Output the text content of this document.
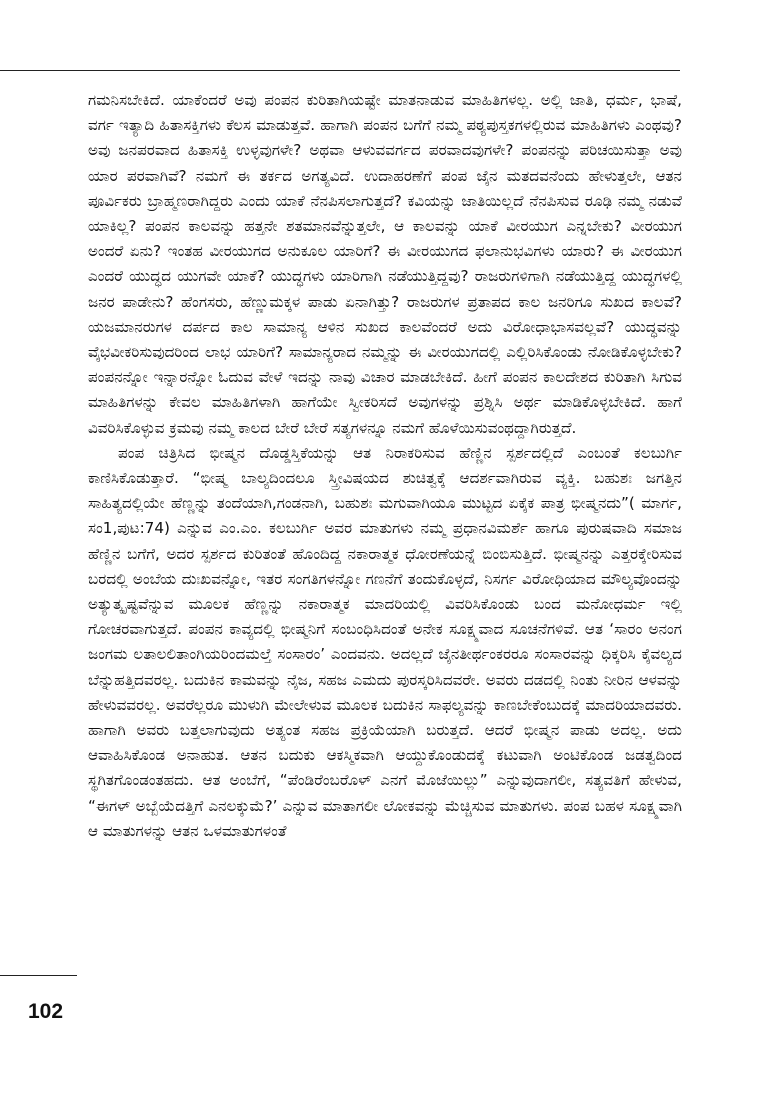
ಗಮನಿಸಬೇಕಿದೆ. ಯಾಕೆಂದರೆ ಅವು ಪಂಪನ ಕುರಿತಾಗಿಯಷ್ಟೇ ಮಾತನಾಡುವ ಮಾಹಿತಿಗಳಲ್ಲ. ಅಲ್ಲಿ ಜಾತಿ, ಧರ್ಮ, ಭಾಷೆ, ವರ್ಗ ಇತ್ಯಾದಿ ಹಿತಾಸಕ್ತಿಗಳು ಕೆಲಸ ಮಾಡುತ್ತವೆ. ಹಾಗಾಗಿ ಪಂಪನ ಬಗೆಗೆ ನಮ್ಮ ಪಠ್ಯಪುಸ್ತಕಗಳಲ್ಲಿರುವ ಮಾಹಿತಿಗಳು ಎಂಥವು? ಅವು ಜನಪರವಾದ ಹಿತಾಸಕ್ತಿ ಉಳ್ಳವುಗಳೇ? ಅಥವಾ ಆಳುವವರ್ಗದ ಪರವಾದವುಗಳೇ? ಪಂಪನನ್ನು ಪರಿಚಯಿಸುತ್ತಾ ಅವು ಯಾರ ಪರವಾಗಿವೆ? ನಮಗೆ ಈ ತರ್ಕದ ಅಗತ್ಯವಿದೆ. ಉದಾಹರಣೆಗೆ ಪಂಪ ಜೈನ ಮತದವನೆಂದು ಹೇಳುತ್ತಲೇ, ಆತನ ಪೂರ್ವಿಕರು ಬ್ರಾಹ್ಮಣರಾಗಿದ್ದರು ಎಂದು ಯಾಕೆ ನೆನಪಿಸಲಾಗುತ್ತದೆ? ಕವಿಯನ್ನು ಜಾತಿಯಿಲ್ಲದೆ ನೆನಪಿಸುವ ರೂಢಿ ನಮ್ಮ ನಡುವೆ ಯಾಕಿಲ್ಲ? ಪಂಪನ ಕಾಲವನ್ನು ಹತ್ತನೇ ಶತಮಾನವೆನ್ನುತ್ತಲೇ, ಆ ಕಾಲವನ್ನು ಯಾಕೆ ವೀರಯುಗ ಎನ್ನಬೇಕು? ವೀರಯುಗ ಅಂದರೆ ಏನು? ಇಂತಹ ವೀರಯುಗದ ಅನುಕೂಲ ಯಾರಿಗೆ? ಈ ವೀರಯುಗದ ಫಲಾನುಭವಿಗಳು ಯಾರು? ಈ ವೀರಯುಗ ಎಂದರೆ ಯುದ್ಧದ ಯುಗವೇ ಯಾಕೆ? ಯುದ್ಧಗಳು ಯಾರಿಗಾಗಿ ನಡೆಯುತ್ತಿದ್ದವು? ರಾಜರುಗಳಿಗಾಗಿ ನಡೆಯುತ್ತಿದ್ದ ಯುದ್ಧಗಳಲ್ಲಿ ಜನರ ಪಾಡೇನು? ಹೆಂಗಸರು, ಹೆಣ್ಣುಮಕ್ಕಳ ಪಾಡು ಏನಾಗಿತ್ತು? ರಾಜರುಗಳ ಪ್ರತಾಪದ ಕಾಲ ಜನರಿಗೂ ಸುಖದ ಕಾಲವೆ? ಯಜಮಾನರುಗಳ ದರ್ಪದ ಕಾಲ ಸಾಮಾನ್ಯ ಆಳಿನ ಸುಖದ ಕಾಲವೆಂದರೆ ಅದು ವಿರೋಧಾಭಾಸವಲ್ಲವೆ? ಯುದ್ಧವನ್ನು ವೈಭವೀಕರಿಸುವುದರಿಂದ ಲಾಭ ಯಾರಿಗೆ? ಸಾಮಾನ್ಯರಾದ ನಮ್ಮನ್ನು ಈ ವೀರಯುಗದಲ್ಲಿ ಎಲ್ಲಿರಿಸಿಕೊಂಡು ನೋಡಿಕೊಳ್ಳಬೇಕು? ಪಂಪನನ್ನೋ ಇನ್ನಾರನ್ನೋ ಓದುವ ವೇಳೆ ಇದನ್ನು ನಾವು ವಿಚಾರ ಮಾಡಬೇಕಿದೆ. ಹೀಗೆ ಪಂಪನ ಕಾಲದೇಶದ ಕುರಿತಾಗಿ ಸಿಗುವ ಮಾಹಿತಿಗಳನ್ನು ಕೇವಲ ಮಾಹಿತಿಗಳಾಗಿ ಹಾಗೆಯೇ ಸ್ವೀಕರಿಸದೆ ಅವುಗಳನ್ನು ಪ್ರಶ್ನಿಸಿ ಅರ್ಥ ಮಾಡಿಕೊಳ್ಳಬೇಕಿದೆ. ಹಾಗೆ ವಿವರಿಸಿಕೊಳ್ಳುವ ಕ್ರಮವು ನಮ್ಮ ಕಾಲದ ಬೇರೆ ಬೇರೆ ಸತ್ಯಗಳನ್ನೂ ನಮಗೆ ಹೊಳೆಯಿಸುವಂಥದ್ದಾಗಿರುತ್ತದೆ.

ಪಂಪ ಚಿತ್ರಿಸಿದ ಭೀಷ್ಮನ ದೊಡ್ಡಸ್ತಿಕೆಯನ್ನು ಆತ ನಿರಾಕರಿಸುವ ಹೆಣ್ಣಿನ ಸ್ಪರ್ಶದಲ್ಲಿದೆ ಎಂಬಂತೆ ಕಲಬುರ್ಗಿ ಕಾಣಿಸಿಕೊಡುತ್ತಾರೆ. “ಭೀಷ್ಮ ಬಾಲ್ಯದಿಂದಲೂ ಸ್ತ್ರೀವಿಷಯದ ಶುಚಿತ್ವಕ್ಕೆ ಆದರ್ಶವಾಗಿರುವ ವ್ಯಕ್ತಿ. ಬಹುಶಃ ಜಗತ್ತಿನ ಸಾಹಿತ್ಯದಲ್ಲಿಯೇ ಹೆಣ್ಣನ್ನು ತಂದೆಯಾಗಿ,ಗಂಡನಾಗಿ, ಬಹುಶಃ ಮಗುವಾಗಿಯೂ ಮುಟ್ಟದ ಏಕೈಕ ಪಾತ್ರ ಭೀಷ್ಮನದು”( ಮಾರ್ಗ, ಸಂ1,ಪುಟ:74) ಎನ್ನುವ ಎಂ.ಎಂ. ಕಲಬುರ್ಗಿ ಅವರ ಮಾತುಗಳು ನಮ್ಮ ಪ್ರಧಾನವಿಮರ್ಶೆ ಹಾಗೂ ಪುರುಷವಾದಿ ಸಮಾಜ ಹೆಣ್ಣಿನ ಬಗೆಗೆ, ಅದರ ಸ್ಪರ್ಶದ ಕುರಿತಂತೆ ಹೊಂದಿದ್ದ ನಕಾರಾತ್ಮಕ ಧೋರಣೆಯನ್ನೆ ಬಿಂಬಿಸುತ್ತಿದೆ. ಭೀಷ್ಮನನ್ನು ಎತ್ತರಕ್ಕೇರಿಸುವ ಬರದಲ್ಲಿ ಅಂಬೆಯ ದುಃಖವನ್ನೋ, ಇತರ ಸಂಗತಿಗಳನ್ನೋ ಗಣನೆಗೆ ತಂದುಕೊಳ್ಳದೆ, ನಿಸರ್ಗ ವಿರೋಧಿಯಾದ ಮೌಲ್ಯವೊಂದನ್ನು ಅತ್ಯುತ್ಕೃಷ್ಟವೆನ್ನುವ ಮೂಲಕ ಹೆಣ್ಣನ್ನು ನಕಾರಾತ್ಮಕ ಮಾದರಿಯಲ್ಲಿ ವಿವರಿಸಿಕೊಂಡು ಬಂದ ಮನೋಧರ್ಮ ಇಲ್ಲಿ ಗೋಚರವಾಗುತ್ತದೆ. ಪಂಪನ ಕಾವ್ಯದಲ್ಲಿ ಭೀಷ್ಮನಿಗೆ ಸಂಬಂಧಿಸಿದಂತೆ ಅನೇಕ ಸೂಕ್ಷ್ಮವಾದ ಸೂಚನೆಗಳಿವೆ. ಆತ ‘ಸಾರಂ ಅನಂಗ ಜಂಗಮ ಲತಾಲಲಿತಾಂಗಿಯರಿಂದಮಲ್ತೆ ಸಂಸಾರಂ’ ಎಂದವನು. ಅದಲ್ಲದೆ ಜೈನತೀರ್ಥಂಕರರೂ ಸಂಸಾರವನ್ನು ಧಿಕ್ಕರಿಸಿ ಕೈವಲ್ಯದ ಬೆನ್ನುಹತ್ತಿದವರಲ್ಲ. ಬದುಕಿನ ಕಾಮವನ್ನು ನೈಜ, ಸಹಜ ಎಮದು ಪುರಸ್ಕರಿಸಿದವರೇ. ಅವರು ದಡದಲ್ಲಿ ನಿಂತು ನೀರಿನ ಆಳವನ್ನು ಹೇಳುವವರಲ್ಲ. ಅವರೆಲ್ಲರೂ ಮುಳುಗಿ ಮೇಲೇಳುವ ಮೂಲಕ ಬದುಕಿನ ಸಾಫಲ್ಯವನ್ನು ಕಾಣಬೇಕೆಂಬುದಕ್ಕೆ ಮಾದರಿಯಾದವರು. ಹಾಗಾಗಿ ಅವರು ಬತ್ತಲಾಗುವುದು ಅತ್ಯಂತ ಸಹಜ ಪ್ರಕ್ರಿಯೆಯಾಗಿ ಬರುತ್ತದೆ. ಆದರೆ ಭೀಷ್ಮನ ಪಾಡು ಅದಲ್ಲ. ಅದು ಆವಾಹಿಸಿಕೊಂಡ ಅನಾಹುತ. ಆತನ ಬದುಕು ಆಕಸ್ಮಿಕವಾಗಿ ಆಯ್ದುಕೊಂಡುದಕ್ಕೆ ಕಟುವಾಗಿ ಅಂಟಿಕೊಂಡ ಜಡತ್ವದಿಂದ ಸ್ಥಗಿತಗೊಂಡಂತಹದು. ಆತ ಅಂಬೆಗೆ, “ಪೆಂಡಿರೆಂಬರೊಳ್ ಎನಗೆ ಮೊಜೆಯಿಲ್ಲು” ಎನ್ನುವುದಾಗಲೀ, ಸತ್ಯವತಿಗೆ ಹೇಳುವ, “ಈಗಳ್ ಅಬ್ಬೆಯೆದತ್ತಿಗೆ ಎನಲಕ್ಕುಮೆ?’ ಎನ್ನುವ ಮಾತಾಗಲೀ ಲೋಕವನ್ನು ಮೆಚ್ಚಿಸುವ ಮಾತುಗಳು. ಪಂಪ ಬಹಳ ಸೂಕ್ಷ್ಮವಾಗಿ ಆ ಮಾತುಗಳನ್ನು ಆತನ ಒಳಮಾತುಗಳಂತೆ

102
